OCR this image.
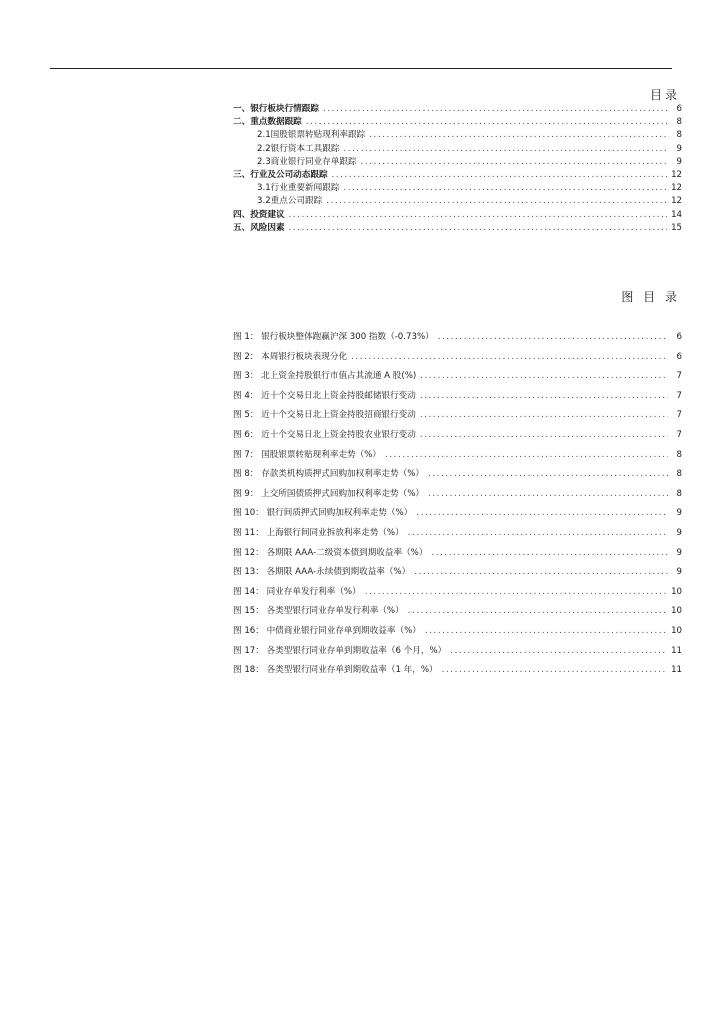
目录
一、银行板块行情跟踪 .....	6
二、重点数据跟踪 .....	8
2.1国股银票转贴现利率跟踪 .....	8
2.2银行资本工具跟踪 .....	9
2.3商业银行同业存单跟踪 .....	9
三、行业及公司动态跟踪 .....	12
3.1行业重要新闻跟踪 .....	12
3.2重点公司跟踪 .....	12
四、投资建议 .....	14
五、风险因素 .....	15
图 目 录
图 1： 银行板块整体跑赢沪深 300 指数（-0.73%） .....	6
图 2： 本周银行板块表现分化 .....	6
图 3： 北上资金持股银行市值占其流通 A 股(%) .....	7
图 4： 近十个交易日北上资金持股邮储银行变动 .....	7
图 5： 近十个交易日北上资金持股招商银行变动 .....	7
图 6： 近十个交易日北上资金持股农业银行变动 .....	7
图 7： 国股银票转贴现利率走势（%） .....	8
图 8： 存款类机构质押式回购加权利率走势（%） .....	8
图 9： 上交所国债质押式回购加权利率走势（%） .....	8
图 10： 银行间质押式回购加权利率走势（%） .....	9
图 11： 上海银行间同业拆放利率走势（%） .....	9
图 12： 各期限 AAA-二级资本债到期收益率（%） .....	9
图 13： 各期限 AAA-永续债到期收益率（%） .....	9
图 14： 同业存单发行利率（%） .....	10
图 15： 各类型银行同业存单发行利率（%） .....	10
图 16： 中债商业银行同业存单到期收益率（%） .....	10
图 17： 各类型银行同业存单到期收益率（6 个月，%） .....	11
图 18： 各类型银行同业存单到期收益率（1 年，%） .....	11
